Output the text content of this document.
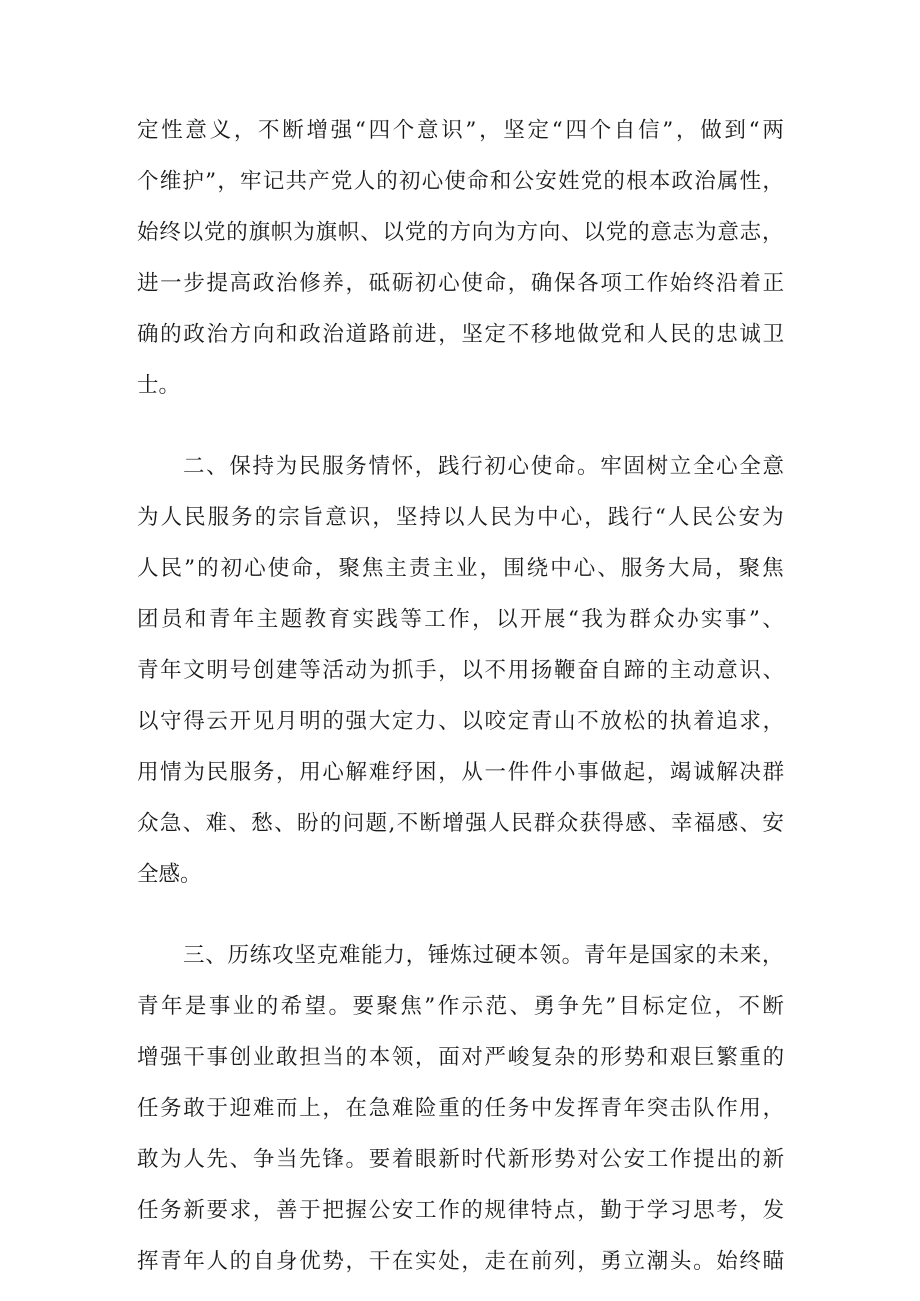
定性意义，不断增强“四个意识”，坚定“四个自信”，做到“两
个维护”，牢记共产党人的初心使命和公安姓党的根本政治属性，
始终以党的旗帜为旗帜、以党的方向为方向、以党的意志为意志，
进一步提高政治修养，砥砺初心使命，确保各项工作始终沿着正
确的政治方向和政治道路前进，坚定不移地做党和人民的忠诚卫
士。
二、保持为民服务情怀，践行初心使命。牢固树立全心全意
为人民服务的宗旨意识，坚持以人民为中心，践行“人民公安为
人民”的初心使命，聚焦主责主业，围绕中心、服务大局，聚焦
团员和青年主题教育实践等工作，以开展“我为群众办实事”、
青年文明号创建等活动为抓手，以不用扬鞭奋自蹄的主动意识、
以守得云开见月明的强大定力、以咬定青山不放松的执着追求，
用情为民服务，用心解难纾困，从一件件小事做起，竭诚解决群
众急、难、愁、盼的问题,不断增强人民群众获得感、幸福感、安
全感。
三、历练攻坚克难能力，锤炼过硬本领。青年是国家的未来，
青年是事业的希望。要聚焦”作示范、勇争先”目标定位，不断
增强干事创业敢担当的本领，面对严峻复杂的形势和艰巨繁重的
任务敢于迎难而上，在急难险重的任务中发挥青年突击队作用，
敢为人先、争当先锋。要着眼新时代新形势对公安工作提出的新
任务新要求，善于把握公安工作的规律特点，勤于学习思考，发
挥青年人的自身优势，干在实处，走在前列，勇立潮头。始终瞄
